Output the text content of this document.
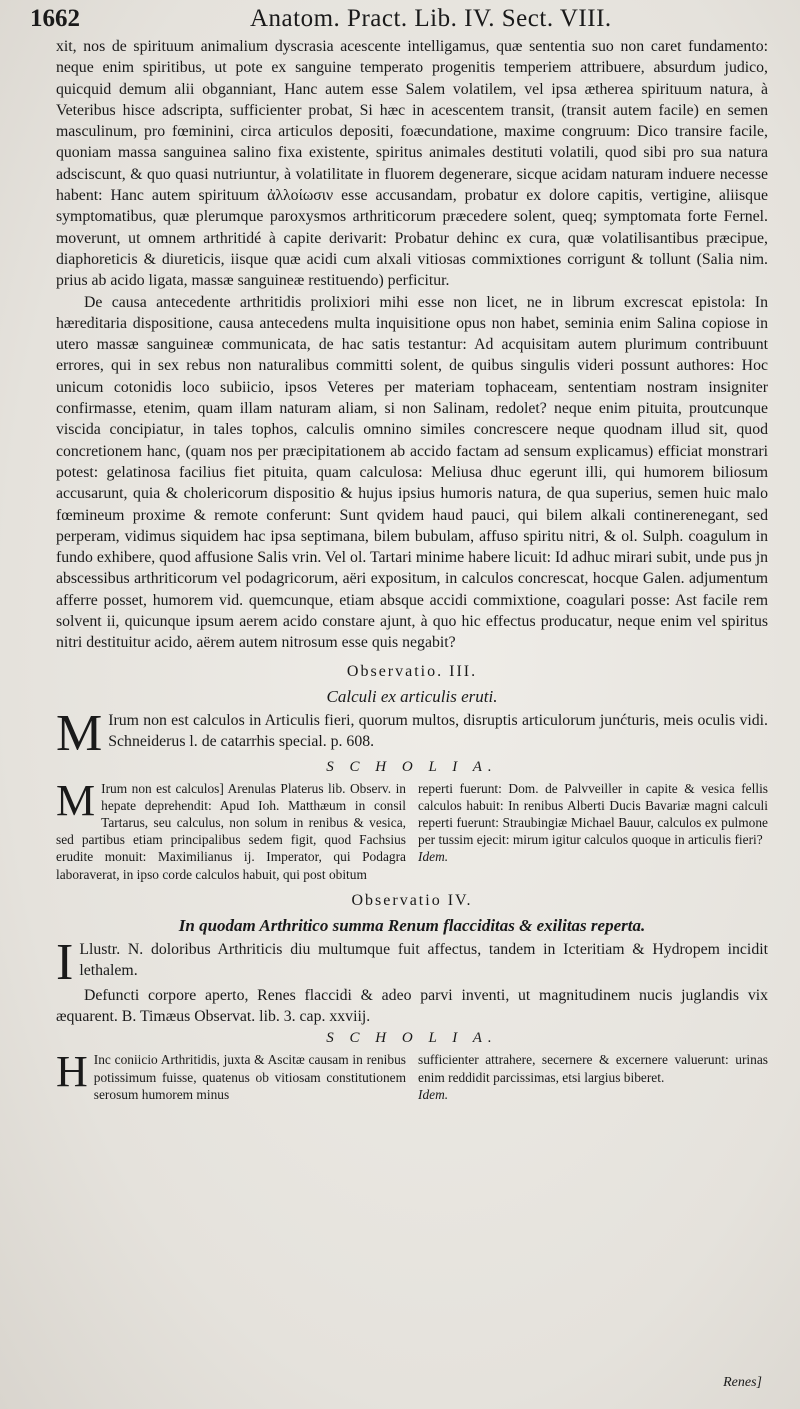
1662	Anatom. Pract. Lib. IV. Sect. VIII.

xit, nos de spirituum animalium dyscrasia acescente intelligamus, quæ sententia suo non caret fundamento: neque enim spiritibus, ut pote ex sanguine temperato progenitis temperiem attribuere, absurdum judico, quicquid demum alii obganniant, Hanc autem esse Salem volatilem, vel ipsa ætherea spirituum natura, à Veteribus hisce adscripta, sufficienter probat, Si hæc in acescentem transit, (transit autem facile) en semen masculinum, pro fœminini, circa articulos depositi, foæcundatione, maxime congruum: Dico transire facile, quoniam massa sanguinea salino fixa existente, spiritus animales destituti volatili, quod sibi pro sua natura adsciscunt, & quo quasi nutriuntur, à volatilitate in fluorem degenerare, sicque acidam naturam induere necesse habent: Hanc autem spirituum ἀλλοίωσιν esse accusandam, probatur ex dolore capitis, vertigine, aliisque symptomatibus, quæ plerumque paroxysmos arthriticorum præcedere solent, queq; symptomata forte Fernel. moverunt, ut omnem arthritidé à capite derivarit: Probatur dehinc ex cura, quæ volatilisantibus præcipue, diaphoreticis & diureticis, iisque quæ acidi cum alxali vitiosas commixtiones corrigunt & tollunt (Salia nim. prius ab acido ligata, massæ sanguineæ restituendo) perficitur.

De causa antecedente arthritidis prolixiori mihi esse non licet, ne in librum excrescat epistola: In hæreditaria dispositione, causa antecedens multa inquisitione opus non habet, seminia enim Salina copiose in utero massæ sanguineæ communicata, de hac satis testantur: Ad acquisitam autem plurimum contribuunt errores, qui in sex rebus non naturalibus committi solent, de quibus singulis videri possunt authores: Hoc unicum cotonidis loco subiicio, ipsos Veteres per materiam tophaceam, sententiam nostram insigniter confirmasse, etenim, quam illam naturam aliam, si non Salinam, redolet? neque enim pituita, proutcunque viscida concipiatur, in tales tophos, calculis omnino similes concrescere neque quodnam illud sit, quod concretionem hanc, (quam nos per præcipitationem ab accido factam ad sensum explicamus) efficiat monstrari potest: gelatinosa facilius fiet pituita, quam calculosa: Meliusa dhuc egerunt illi, qui humorem biliosum accusarunt, quia & cholericorum dispositio & hujus ipsius humoris natura, de qua superius, semen huic malo fœmineum proxime & remote conferunt: Sunt qvidem haud pauci, qui bilem alkali continerenegant, sed perperam, vidimus siquidem hac ipsa septimana, bilem bubulam, affuso spiritu nitri, & ol. Sulph. coagulum in fundo exhibere, quod affusione Salis vrin. Vel ol. Tartari minime habere licuit: Id adhuc mirari subit, unde pus jn abscessibus arthriticorum vel podagricorum, aëri expositum, in calculos concrescat, hocque Galen. adjumentum afferre posset, humorem vid. quemcunque, etiam absque accidi commixtione, coagulari posse: Ast facile rem solvent ii, quicunque ipsum aerem acido constare ajunt, à quo hic effectus producatur, neque enim vel spiritus nitri destituitur acido, aërem autem nitrosum esse quis negabit?

Observatio. III.

Calculi ex articulis eruti.

M Irum non est calculos in Articulis fieri, quorum multos, disruptis articulorum junćturis, meis oculis vidi. Schneiderus l. de catarrhis special. p. 608.

S C H O L I A.

M Irum non est calculos] Arenulas Platerus lib. Observ. in hepate deprehendit: Apud Ioh. Matthæum in consil Tartarus, seu calculus, non solum in renibus & vesica, sed partibus etiam principalibus sedem figit, quod Fachsius erudite monuit: Maximilianus ij. Imperator, qui Podagra laboraverat, in ipso corde calculos habuit, qui post obitum

reperti fuerunt: Dom. de Palvveiller in capite & vesica fellis calculos habuit: In renibus Alberti Ducis Bavariæ magni calculi reperti fuerunt: Straubingiæ Michael Bauur, calculos ex pulmone per tussim ejecit: mirum igitur calculos quoque in articulis fieri?

Idem.

Observatio IV.

In quodam Arthritico summa Renum flacciditas & exilitas reperta.

I Llustr. N. doloribus Arthriticis diu multumque fuit affectus, tandem in Icteritiam & Hydropem incidit lethalem.

Defuncti corpore aperto, Renes flaccidi & adeo parvi inventi, ut magnitudinem nucis juglandis vix æquarent. B. Timæus Observat. lib. 3. cap. xxviij.

S C H O L I A.

H Inc coniicio Arthritidis, juxta & Ascitæ causam in renibus potissimum fuisse, quatenus ob vitiosam constitutionem serosum humorem minus

sufficienter attrahere, secernere & excernere valuerunt: urinas enim reddidit parcissimas, etsi largius biberet.

Idem.

Renes]
